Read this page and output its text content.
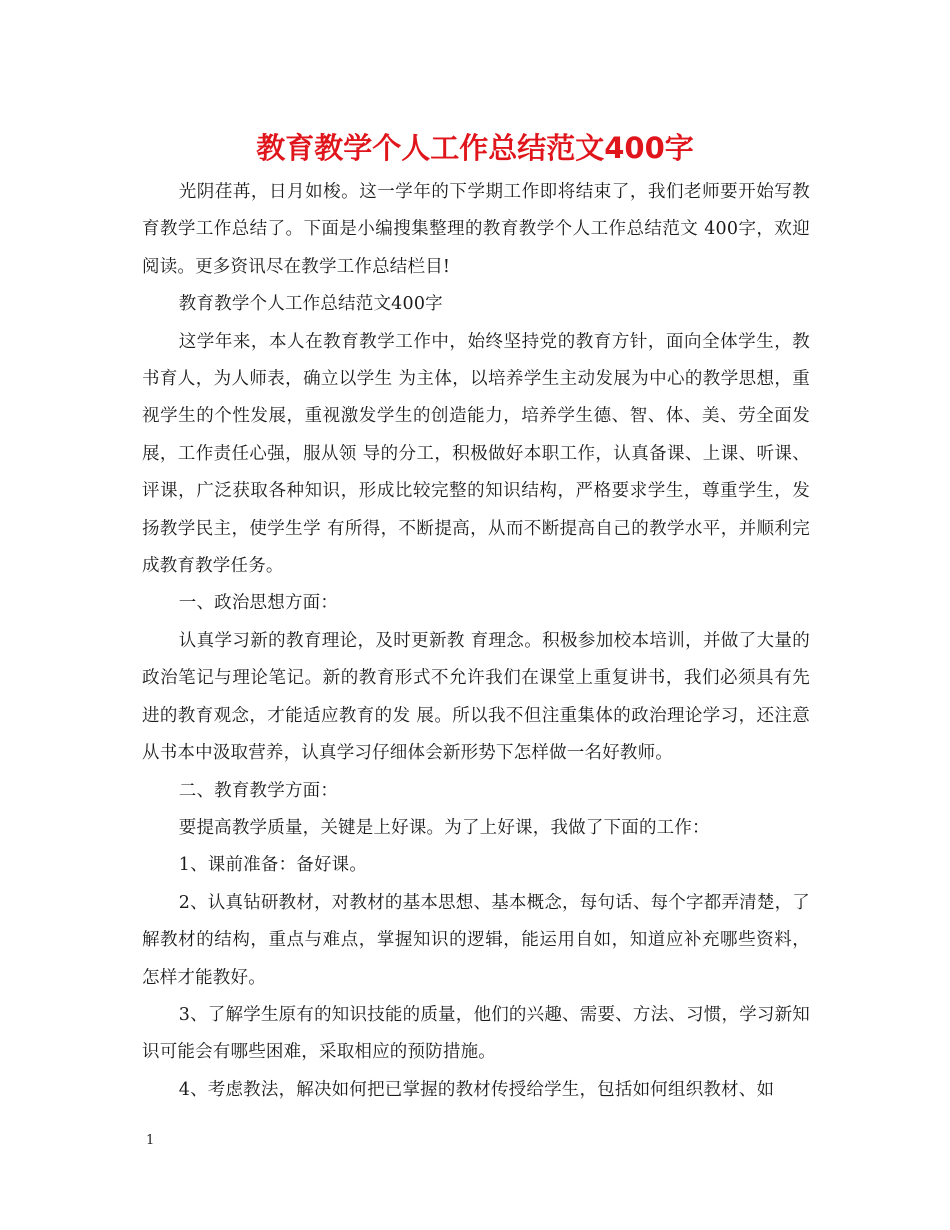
教育教学个人工作总结范文400字

光阴荏苒，日月如梭。这一学年的下学期工作即将结束了，我们老师要开始写教育教学工作总结了。下面是小编搜集整理的教育教学个人工作总结范文 400字，欢迎阅读。更多资讯尽在教学工作总结栏目!

教育教学个人工作总结范文400字

这学年来，本人在教育教学工作中，始终坚持党的教育方针，面向全体学生，教书育人，为人师表，确立以学生 为主体，以培养学生主动发展为中心的教学思想，重视学生的个性发展，重视激发学生的创造能力，培养学生德、智、体、美、劳全面发展，工作责任心强，服从领 导的分工，积极做好本职工作，认真备课、上课、听课、评课，广泛获取各种知识，形成比较完整的知识结构，严格要求学生，尊重学生，发扬教学民主，使学生学 有所得，不断提高，从而不断提高自己的教学水平，并顺利完成教育教学任务。

一、政治思想方面：

认真学习新的教育理论，及时更新教 育理念。积极参加校本培训，并做了大量的政治笔记与理论笔记。新的教育形式不允许我们在课堂上重复讲书，我们必须具有先进的教育观念，才能适应教育的发 展。所以我不但注重集体的政治理论学习，还注意从书本中汲取营养，认真学习仔细体会新形势下怎样做一名好教师。

二、教育教学方面：

要提高教学质量，关键是上好课。为了上好课，我做了下面的工作：

1、课前准备：备好课。

2、认真钻研教材，对教材的基本思想、基本概念，每句话、每个字都弄清楚，了解教材的结构，重点与难点，掌握知识的逻辑，能运用自如，知道应补充哪些资料，怎样才能教好。

3、了解学生原有的知识技能的质量，他们的兴趣、需要、方法、习惯，学习新知识可能会有哪些困难，采取相应的预防措施。

4、考虑教法，解决如何把已掌握的教材传授给学生，包括如何组织教材、如

1
